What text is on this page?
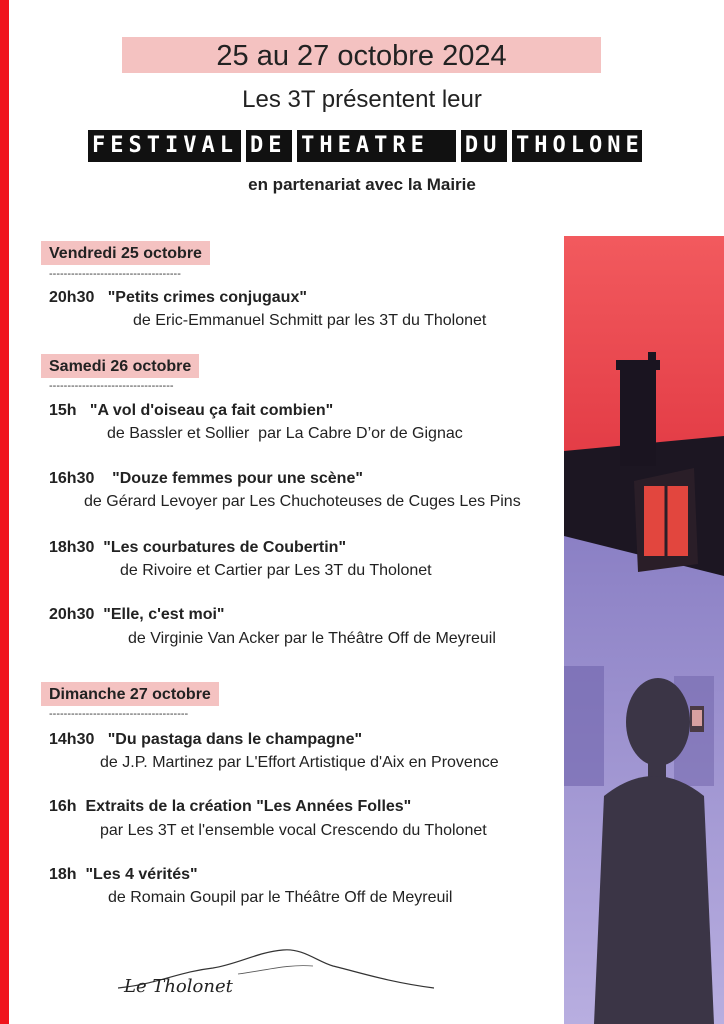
25 au 27 octobre 2024
Les 3T présentent leur
FESTIVAL DE THEATRE	DU THOLONET
en partenariat avec la Mairie
Vendredi 25 octobre
------------------------------------
20h30   "Petits crimes conjugaux"
de Eric-Emmanuel Schmitt par les 3T du Tholonet
Samedi 26 octobre
----------------------------------
15h   "A vol d'oiseau ça fait combien"
de Bassler et Sollier  par La Cabre D’or de Gignac
16h30    "Douze femmes pour une scène"
de Gérard Levoyer par Les Chuchoteuses de Cuges Les Pins
18h30  "Les courbatures de Coubertin"
de Rivoire et Cartier par Les 3T du Tholonet
20h30  "Elle, c'est moi"
de Virginie Van Acker par le Théâtre Off de Meyreuil
Dimanche 27 octobre
--------------------------------------
14h30   "Du pastaga dans le champagne"
de J.P. Martinez par L'Effort Artistique d'Aix en Provence
16h  Extraits de la création "Les Années Folles"
par Les 3T et l'ensemble vocal Crescendo du Tholonet
18h  "Les 4 vérités"
de Romain Goupil par le Théâtre Off de Meyreuil
Le Tholonet
